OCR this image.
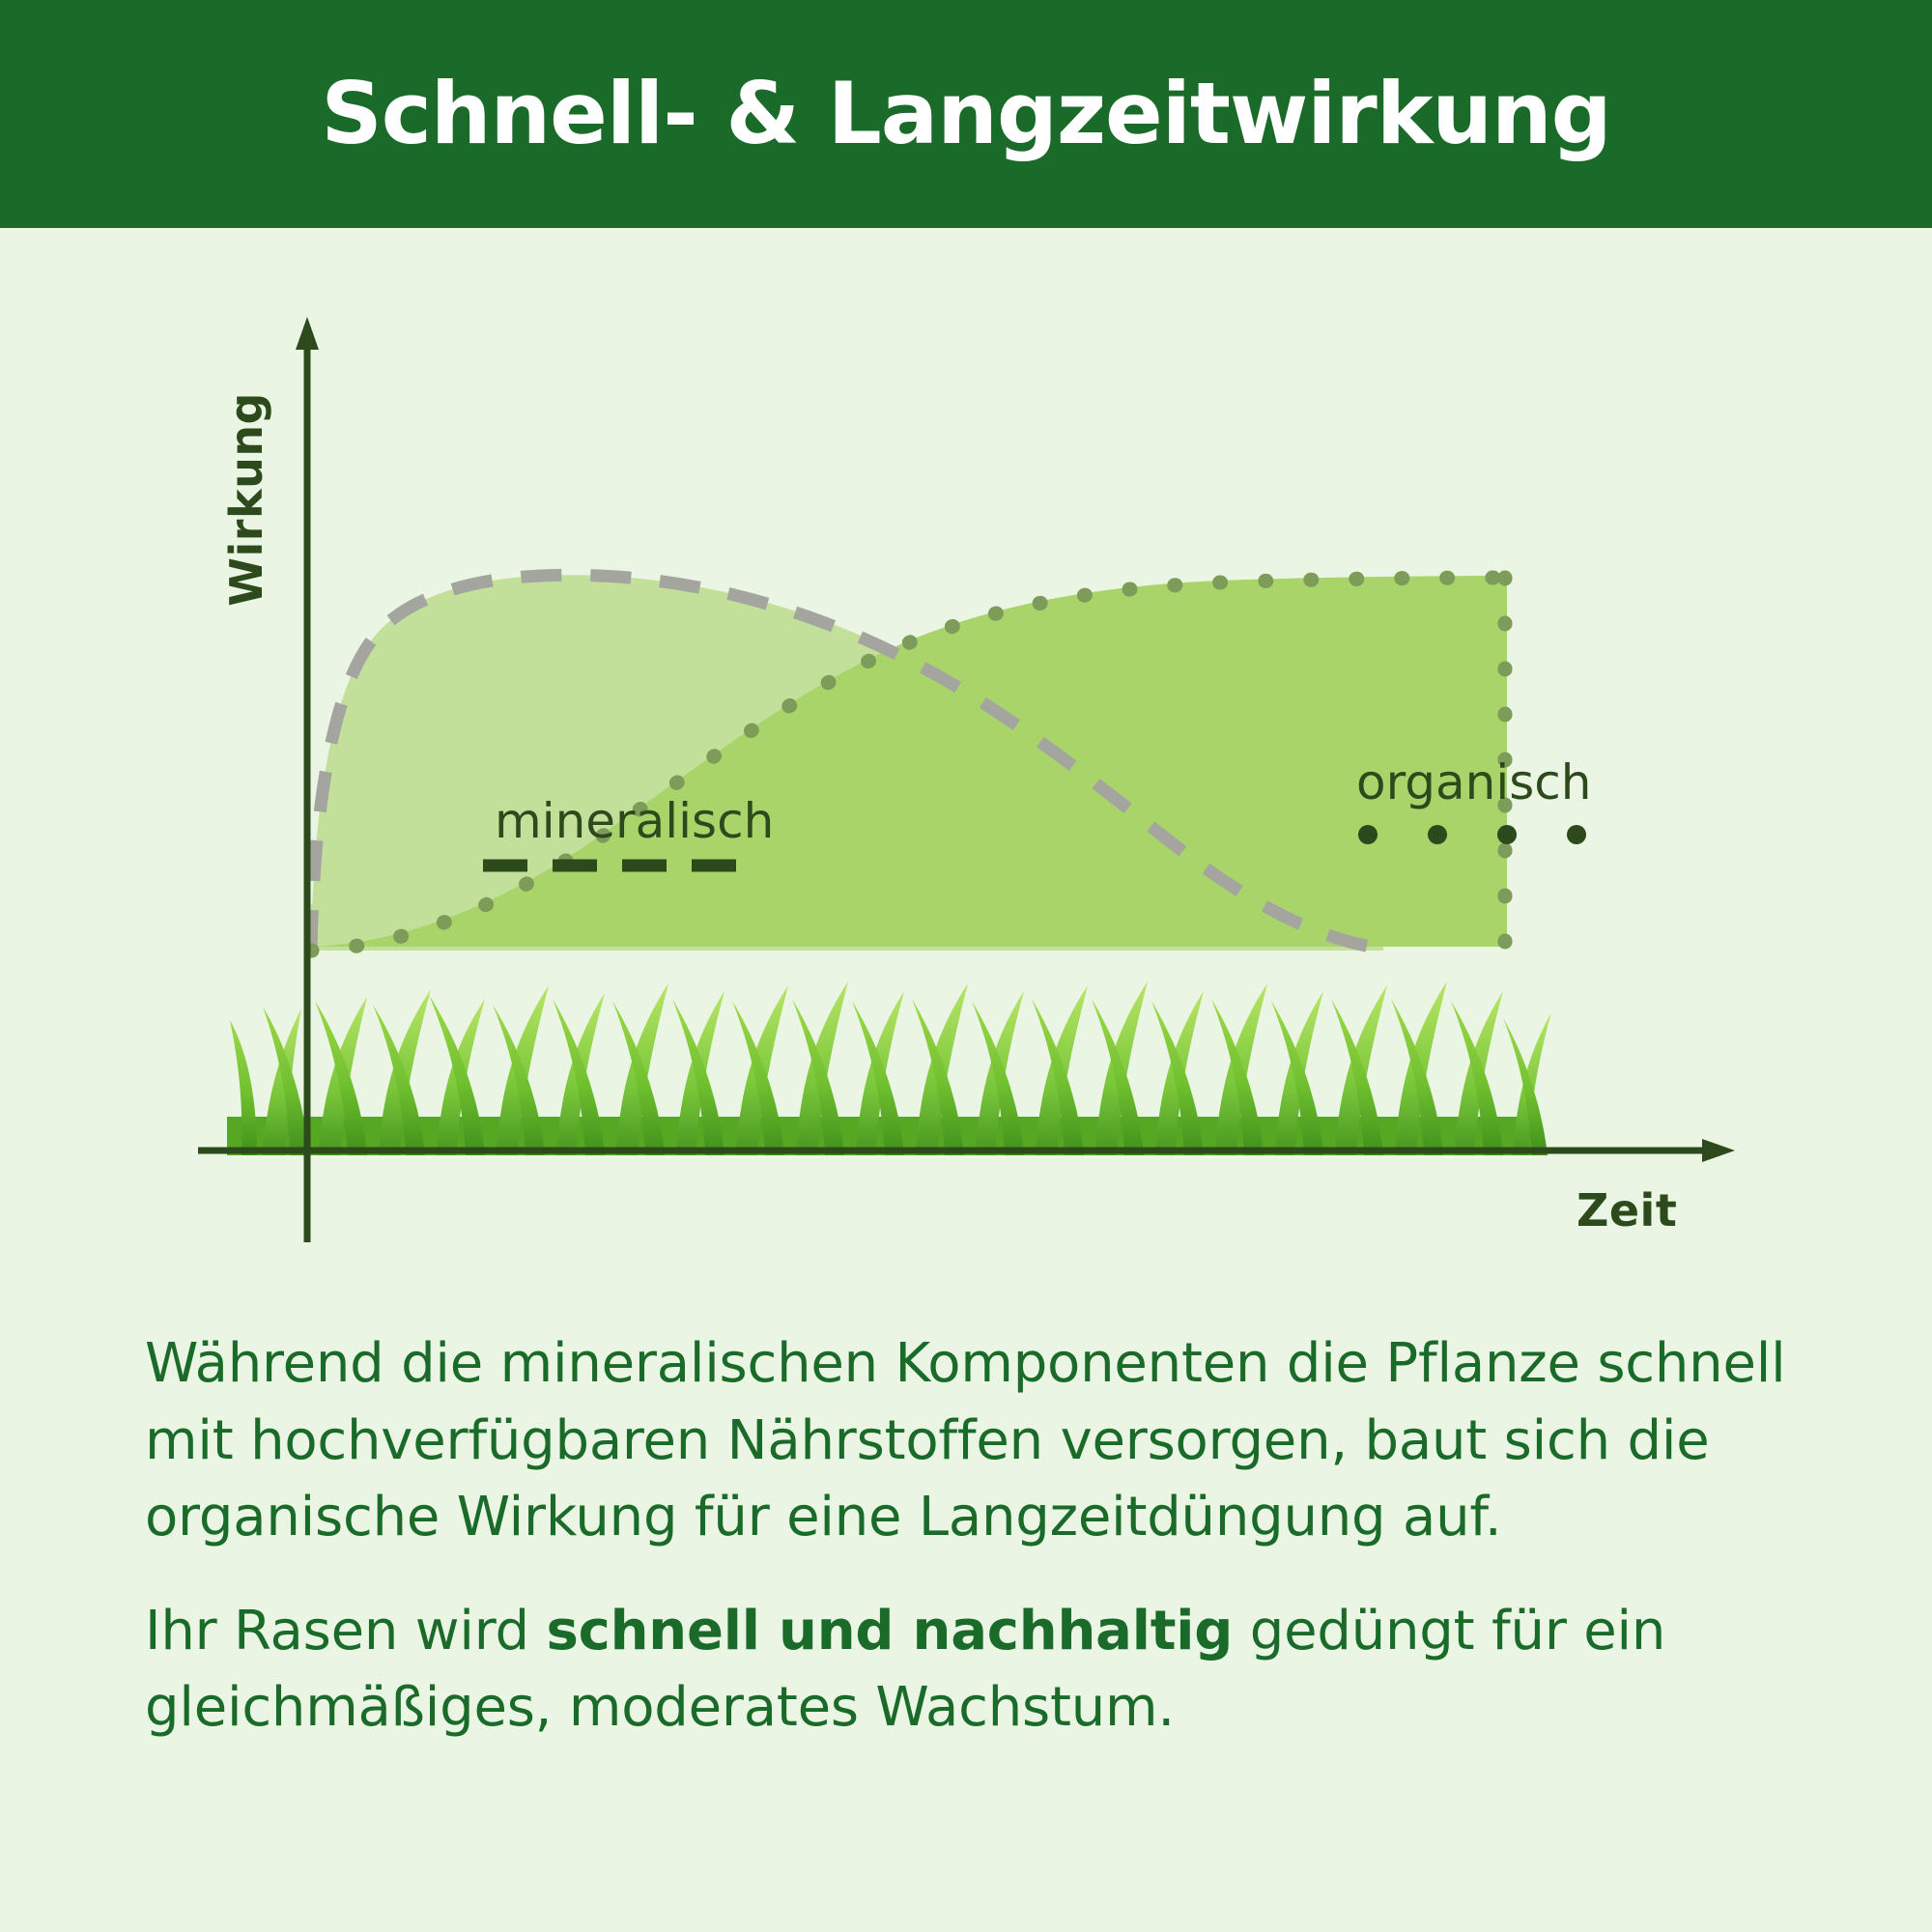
Schnell- & Langzeitwirkung
Wirkung
Zeit
mineralisch
organisch

Während die mineralischen Komponenten die Pflanze schnell mit hochverfügbaren Nährstoffen versorgen, baut sich die organische Wirkung für eine Langzeitdüngung auf.

Ihr Rasen wird schnell und nachhaltig gedüngt für ein gleichmäßiges, moderates Wachstum.
